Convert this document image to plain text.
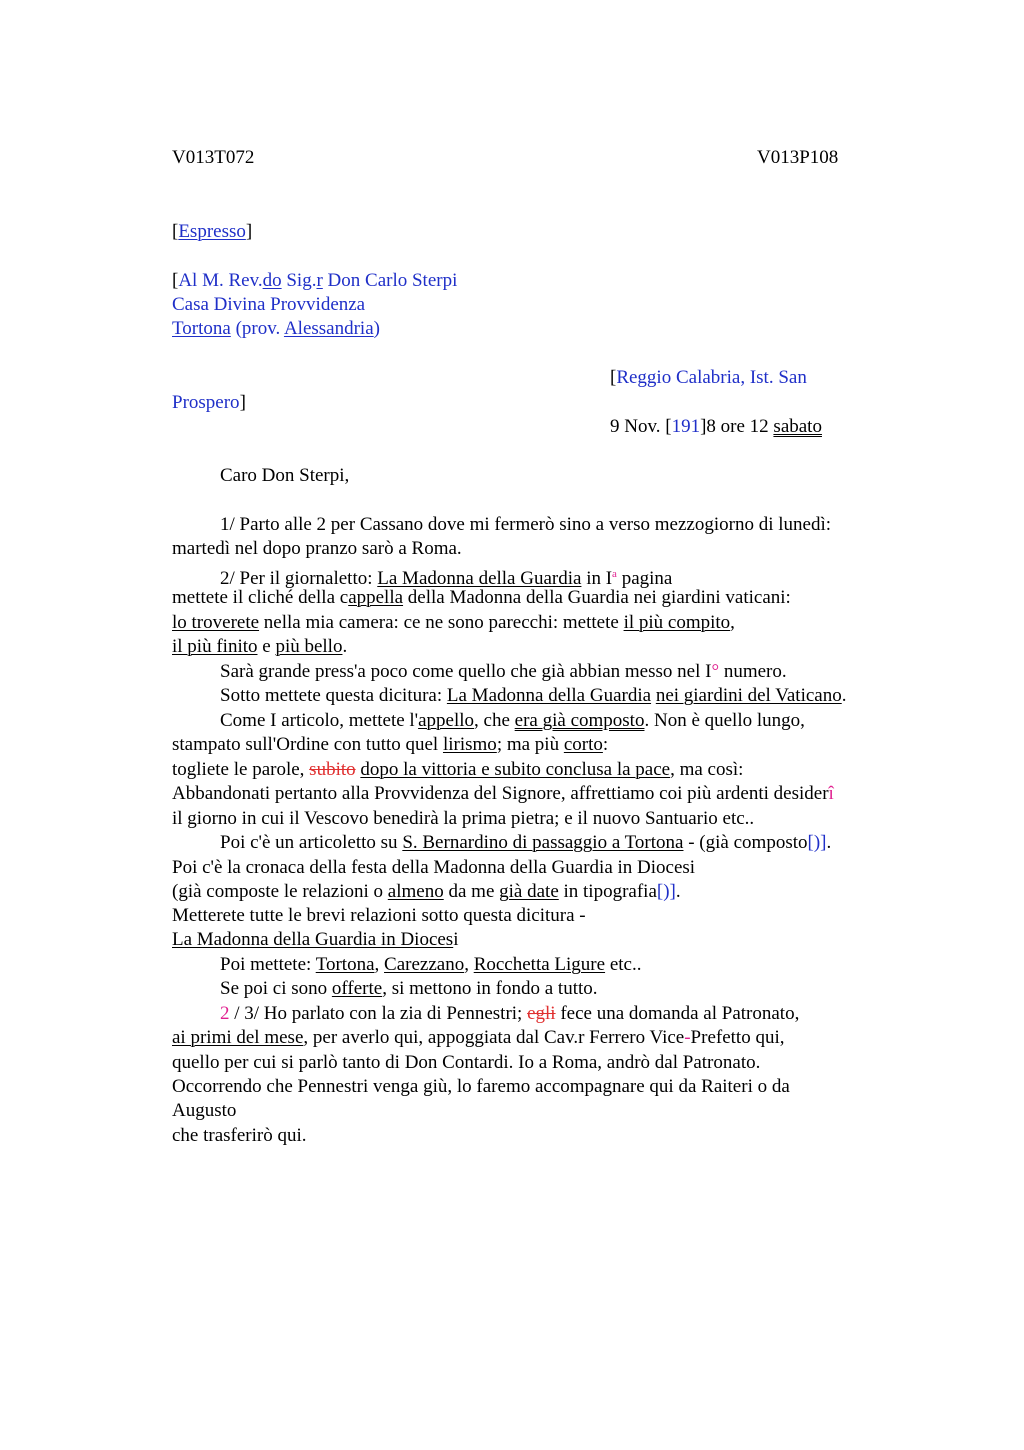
V013T072	V013P108

[Espresso]

[Al M. Rev.do Sig.r Don Carlo Sterpi

Casa Divina Provvidenza

Tortona (prov. Alessandria)

[Reggio Calabria, Ist. San

Prospero]

9 Nov. [191]8 ore 12 sabato

Caro Don Sterpi,

1/ Parto alle 2 per Cassano dove mi fermerò sino a verso mezzogiorno di lunedì:

martedì nel dopo pranzo sarò a Roma.

2/ Per il giornaletto: La Madonna della Guardia in $I^a$ pagina

mettete il cliché della cappella della Madonna della Guardia nei giardini vaticani:

lo troverete nella mia camera: ce ne sono parecchi: mettete il più compito,

il più finito e più bello.

Sarà grande press'a poco come quello che già abbian messo nel I° numero.

Sotto mettete questa dicitura: La Madonna della Guardia nei giardini del Vaticano.

Come I articolo, mettete l'appello, che era già composto. Non è quello lungo,

stampato sull'Ordine con tutto quel lirismo; ma più corto:

togliete le parole, subito dopo la vittoria e subito conclusa la pace, ma così:

Abbandonati pertanto alla Provvidenza del Signore, affrettiamo coi più ardenti desiderî

il giorno in cui il Vescovo benedirà la prima pietra; e il nuovo Santuario etc..

Poi c'è un articoletto su S. Bernardino di passaggio a Tortona - (già composto[)].

Poi c'è la cronaca della festa della Madonna della Guardia in Diocesi

(già composte le relazioni o almeno da me già date in tipografia[)].

Metterete tutte le brevi relazioni sotto questa dicitura -

La Madonna della Guardia in Diocesi

Poi mettete: Tortona, Carezzano, Rocchetta Ligure etc..

Se poi ci sono offerte, si mettono in fondo a tutto.

2 / 3/ Ho parlato con la zia di Pennestri; egli fece una domanda al Patronato,

ai primi del mese, per averlo qui, appoggiata dal Cav.r Ferrero Vice-Prefetto qui,

quello per cui si parlò tanto di Don Contardi. Io a Roma, andrò dal Patronato.

Occorrendo che Pennestri venga giù, lo faremo accompagnare qui da Raiteri o da

Augusto

che trasferirò qui.
